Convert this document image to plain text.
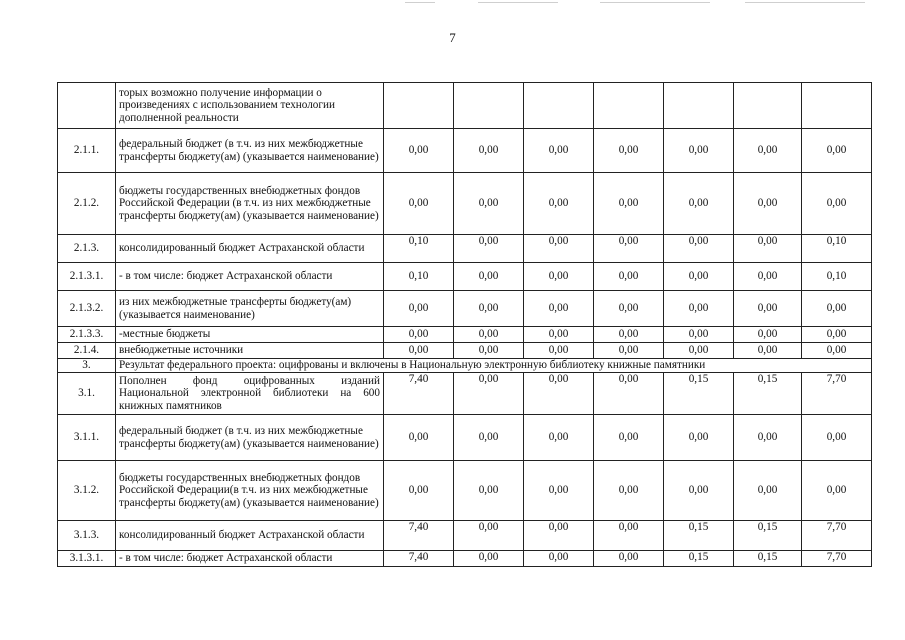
7
	торых возможно получение информации о произведениях с использованием технологии дополненной реальности							
2.1.1.	федеральный бюджет (в т.ч. из них межбюджетные трансферты бюджету(ам) (указывается наименование)	0,00	0,00	0,00	0,00	0,00	0,00	0,00
2.1.2.	бюджеты государственных внебюджетных фондов Российской Федерации (в т.ч. из них межбюджетные трансферты бюджету(ам) (указывается наименование)	0,00	0,00	0,00	0,00	0,00	0,00	0,00
2.1.3.	консолидированный бюджет Астраханской области	0,10	0,00	0,00	0,00	0,00	0,00	0,10
2.1.3.1.	- в том числе: бюджет Астраханской области	0,10	0,00	0,00	0,00	0,00	0,00	0,10
2.1.3.2.	из них межбюджетные трансферты бюджету(ам) (указывается наименование)	0,00	0,00	0,00	0,00	0,00	0,00	0,00
2.1.3.3.	-местные бюджеты	0,00	0,00	0,00	0,00	0,00	0,00	0,00
2.1.4.	внебюджетные источники	0,00	0,00	0,00	0,00	0,00	0,00	0,00
3.	Результат федерального проекта: оцифрованы и включены в Национальную электронную библиотеку книжные памятники							
3.1.	Пополнен фонд оцифрованных изданий Национальной электронной библиотеки на 600 книжных памятников	7,40	0,00	0,00	0,00	0,15	0,15	7,70
3.1.1.	федеральный бюджет (в т.ч. из них межбюджетные трансферты бюджету(ам) (указывается наименование)	0,00	0,00	0,00	0,00	0,00	0,00	0,00
3.1.2.	бюджеты государственных внебюджетных фондов Российской Федерации(в т.ч. из них межбюджетные трансферты бюджету(ам) (указывается наименование)	0,00	0,00	0,00	0,00	0,00	0,00	0,00
3.1.3.	консолидированный бюджет Астраханской области	7,40	0,00	0,00	0,00	0,15	0,15	7,70
3.1.3.1.	- в том числе: бюджет Астраханской области	7,40	0,00	0,00	0,00	0,15	0,15	7,70
